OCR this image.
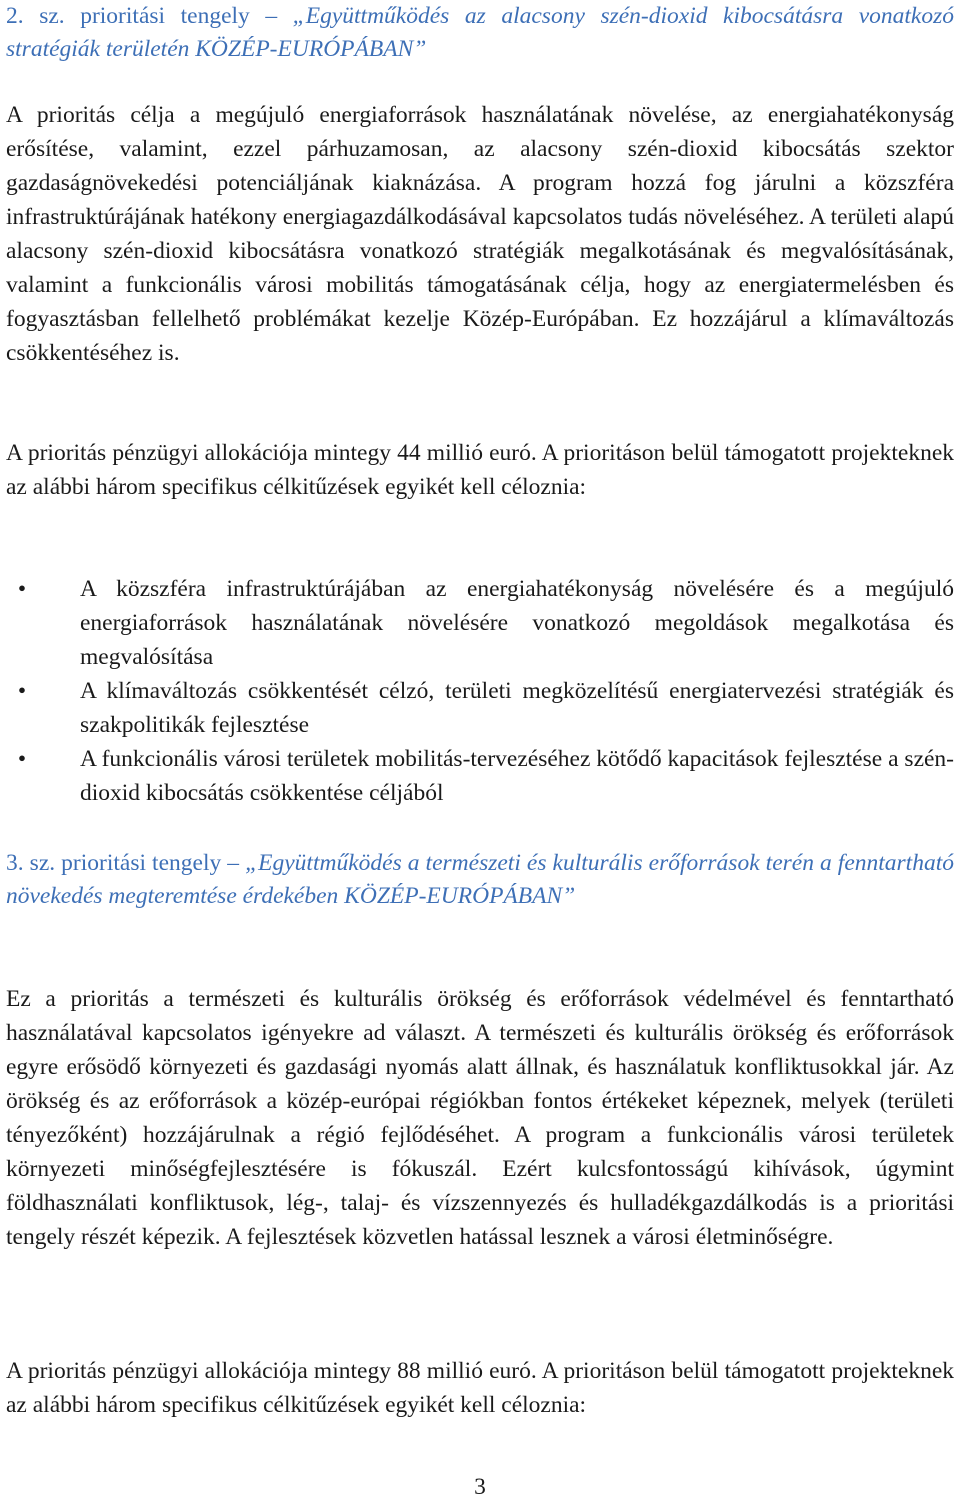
2. sz. prioritási tengely – „Együttműködés az alacsony szén-dioxid kibocsátásra vonatkozó stratégiák területén KÖZÉP-EURÓPÁBAN”

A prioritás célja a megújuló energiaforrások használatának növelése, az energiahatékonyság erősítése, valamint, ezzel párhuzamosan, az alacsony szén-dioxid kibocsátás szektor gazdaságnövekedési potenciáljának kiaknázása. A program hozzá fog járulni a közszféra infrastruktúrájának hatékony energiagazdálkodásával kapcsolatos tudás növeléséhez. A területi alapú alacsony szén-dioxid kibocsátásra vonatkozó stratégiák megalkotásának és megvalósításának, valamint a funkcionális városi mobilitás támogatásának célja, hogy az energiatermelésben és fogyasztásban fellelhető problémákat kezelje Közép-Európában. Ez hozzájárul a klímaváltozás csökkentéséhez is.

A prioritás pénzügyi allokációja mintegy 44 millió euró. A prioritáson belül támogatott projekteknek az alábbi három specifikus célkitűzések egyikét kell célozniа:

• A közszféra infrastruktúrájában az energiahatékonyság növelésére és a megújuló energiaforrások használatának növelésére vonatkozó megoldások megalkotása és megvalósítása
• A klímaváltozás csökkentését célzó, területi megközelítésű energiatervezési stratégiák és szakpolitikák fejlesztése
• A funkcionális városi területek mobilitás-tervezéséhez kötődő kapacitások fejlesztése a szén-dioxid kibocsátás csökkentése céljából
3. sz. prioritási tengely – „Együttműködés a természeti és kulturális erőforrások terén a fenntartható növekedés megteremtése érdekében KÖZÉP-EURÓPÁBAN”

Ez a prioritás a természeti és kulturális örökség és erőforrások védelmével és fenntartható használatával kapcsolatos igényekre ad választ. A természeti és kulturális örökség és erőforrások egyre erősödő környezeti és gazdasági nyomás alatt állnak, és használatuk konfliktusokkal jár. Az örökség és az erőforrások a közép-európai régiókban fontos értékeket képeznek, melyek (területi tényezőként) hozzájárulnak a régió fejlődéséhet. A program a funkcionális városi területek környezeti minőségfejlesztésére is fókuszál. Ezért kulcsfontosságú kihívások, úgymint földhasználati konfliktusok, lég-, talaj- és vízszennyezés és hulladékgazdálkodás is a prioritási tengely részét képezik. A fejlesztések közvetlen hatással lesznek a városi életminőségre.

A prioritás pénzügyi allokációja mintegy 88 millió euró. A prioritáson belül támogatott projekteknek az alábbi három specifikus célkitűzések egyikét kell célozniа:

3
